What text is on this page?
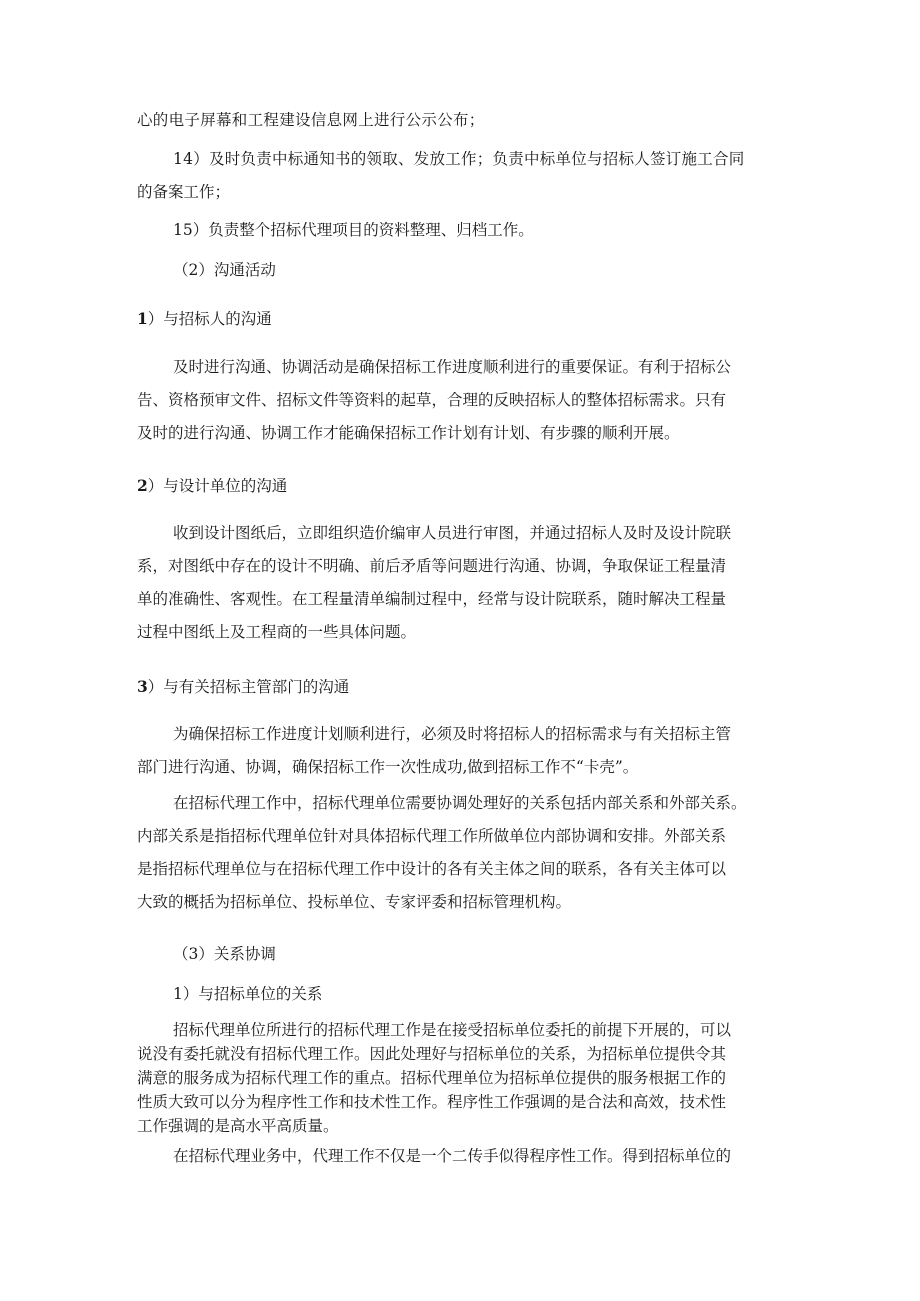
心的电子屏幕和工程建设信息网上进行公示公布；

14）及时负责中标通知书的领取、发放工作；负责中标单位与招标人签订施工合同
的备案工作；

15）负责整个招标代理项目的资料整理、归档工作。

（2）沟通活动

1）与招标人的沟通

及时进行沟通、协调活动是确保招标工作进度顺利进行的重要保证。有利于招标公
告、资格预审文件、招标文件等资料的起草，合理的反映招标人的整体招标需求。只有
及时的进行沟通、协调工作才能确保招标工作计划有计划、有步骤的顺利开展。

2）与设计单位的沟通

收到设计图纸后，立即组织造价编审人员进行审图，并通过招标人及时及设计院联
系，对图纸中存在的设计不明确、前后矛盾等问题进行沟通、协调，争取保证工程量清
单的准确性、客观性。在工程量清单编制过程中，经常与设计院联系，随时解决工程量
过程中图纸上及工程商的一些具体问题。

3）与有关招标主管部门的沟通

为确保招标工作进度计划顺利进行，必须及时将招标人的招标需求与有关招标主管
部门进行沟通、协调，确保招标工作一次性成功,做到招标工作不“卡壳”。

在招标代理工作中，招标代理单位需要协调处理好的关系包括内部关系和外部关系。
内部关系是指招标代理单位针对具体招标代理工作所做单位内部协调和安排。外部关系
是指招标代理单位与在招标代理工作中设计的各有关主体之间的联系，各有关主体可以
大致的概括为招标单位、投标单位、专家评委和招标管理机构。

（3）关系协调

1）与招标单位的关系

招标代理单位所进行的招标代理工作是在接受招标单位委托的前提下开展的，可以
说没有委托就没有招标代理工作。因此处理好与招标单位的关系，为招标单位提供令其
满意的服务成为招标代理工作的重点。招标代理单位为招标单位提供的服务根据工作的
性质大致可以分为程序性工作和技术性工作。程序性工作强调的是合法和高效，技术性
工作强调的是高水平高质量。

在招标代理业务中，代理工作不仅是一个二传手似得程序性工作。得到招标单位的
